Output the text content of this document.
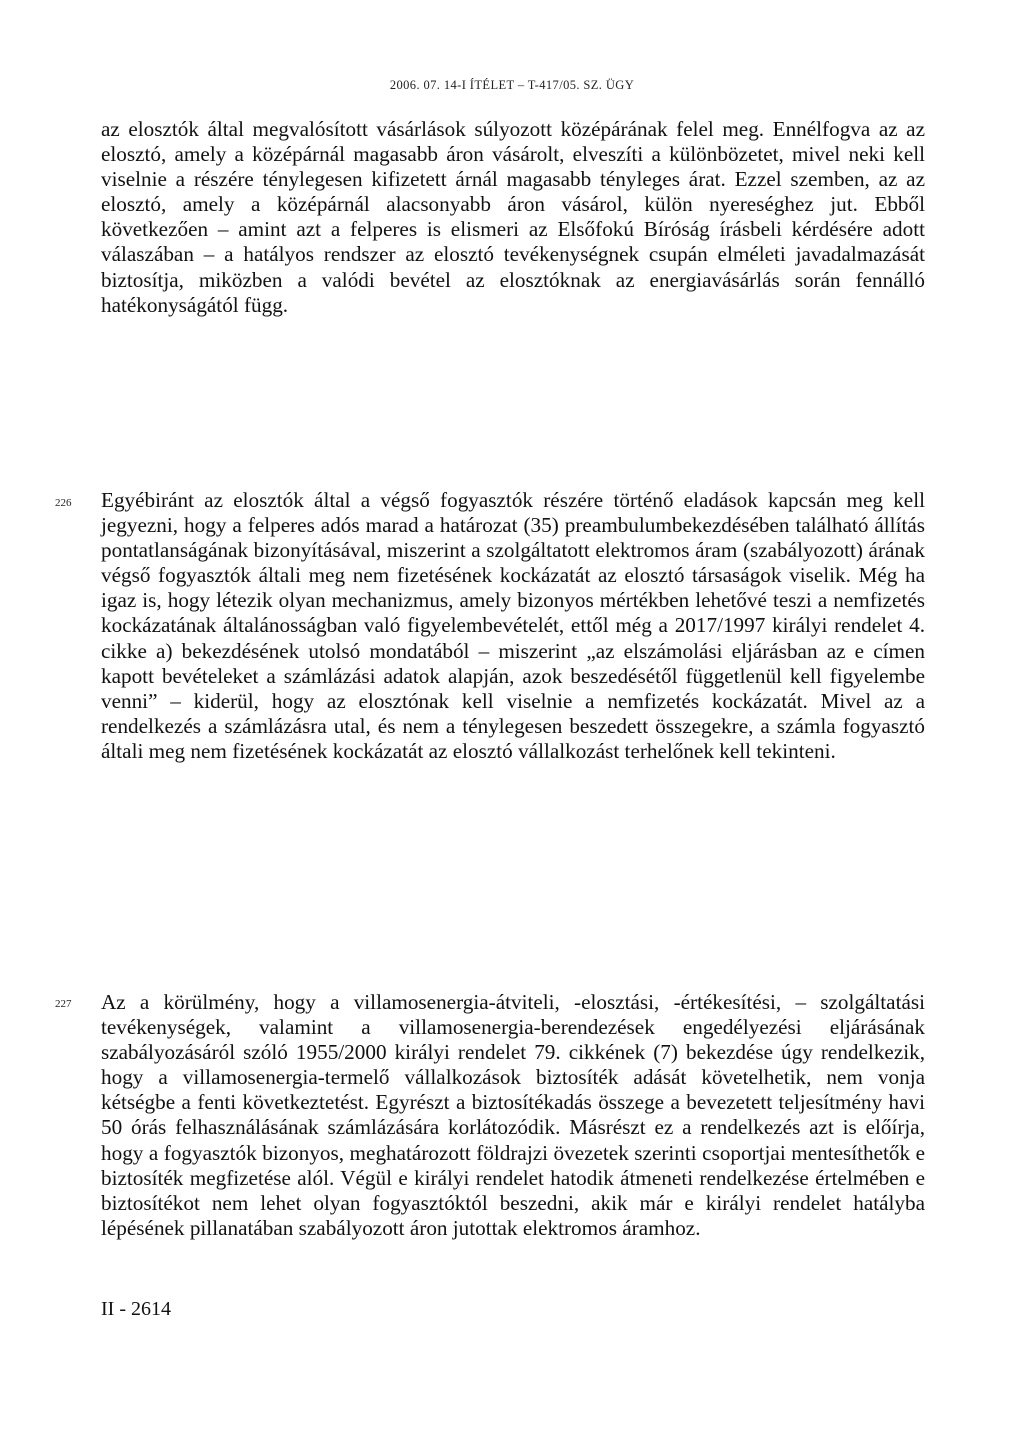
2006. 07. 14-I ÍTÉLET – T-417/05. SZ. ÜGY

az elosztók által megvalósított vásárlások súlyozott középárának felel meg. Ennélfogva az az elosztó, amely a középárnál magasabb áron vásárolt, elveszíti a különbözetet, mivel neki kell viselnie a részére ténylegesen kifizetett árnál magasabb tényleges árat. Ezzel szemben, az az elosztó, amely a középárnál alacsonyabb áron vásárol, külön nyereséghez jut. Ebből következően – amint azt a felperes is elismeri az Elsőfokú Bíróság írásbeli kérdésére adott válaszában – a hatályos rendszer az elosztó tevékenységnek csupán elméleti javadalmazását biztosítja, miközben a valódi bevétel az elosztóknak az energiavásárlás során fennálló hatékonyságától függ.

226 Egyébiránt az elosztók által a végső fogyasztók részére történő eladások kapcsán meg kell jegyezni, hogy a felperes adós marad a határozat (35) preambulumbekezdésében található állítás pontatlanságának bizonyításával, miszerint a szolgáltatott elektromos áram (szabályozott) árának végső fogyasztók általi meg nem fizetésének kockázatát az elosztó társaságok viselik. Még ha igaz is, hogy létezik olyan mechanizmus, amely bizonyos mértékben lehetővé teszi a nemfizetés kockázatának általánosságban való figyelembevételét, ettől még a 2017/1997 királyi rendelet 4. cikke a) bekezdésének utolsó mondatából – miszerint „az elszámolási eljárásban az e címen kapott bevételeket a számlázási adatok alapján, azok beszedésétől függetlenül kell figyelembe venni” – kiderül, hogy az elosztónak kell viselnie a nemfizetés kockázatát. Mivel az a rendelkezés a számlázásra utal, és nem a ténylegesen beszedett összegekre, a számla fogyasztó általi meg nem fizetésének kockázatát az elosztó vállalkozást terhelőnek kell tekinteni.

227 Az a körülmény, hogy a villamosenergia-átviteli, -elosztási, -értékesítési, – szolgáltatási tevékenységek, valamint a villamosenergia-berendezések engedélyezési eljárásának szabályozásáról szóló 1955/2000 királyi rendelet 79. cikkének (7) bekezdése úgy rendelkezik, hogy a villamosenergia-termelő vállalkozások biztosíték adását követelhetik, nem vonja kétségbe a fenti következtetést. Egyrészt a biztosítékadás összege a bevezetett teljesítmény havi 50 órás felhasználásának számlázására korlátozódik. Másrészt ez a rendelkezés azt is előírja, hogy a fogyasztók bizonyos, meghatározott földrajzi övezetek szerinti csoportjai mentesíthetők e biztosíték megfizetése alól. Végül e királyi rendelet hatodik átmeneti rendelkezése értelmében e biztosítékot nem lehet olyan fogyasztóktól beszedni, akik már e királyi rendelet hatályba lépésének pillanatában szabályozott áron jutottak elektromos áramhoz.

II - 2614
